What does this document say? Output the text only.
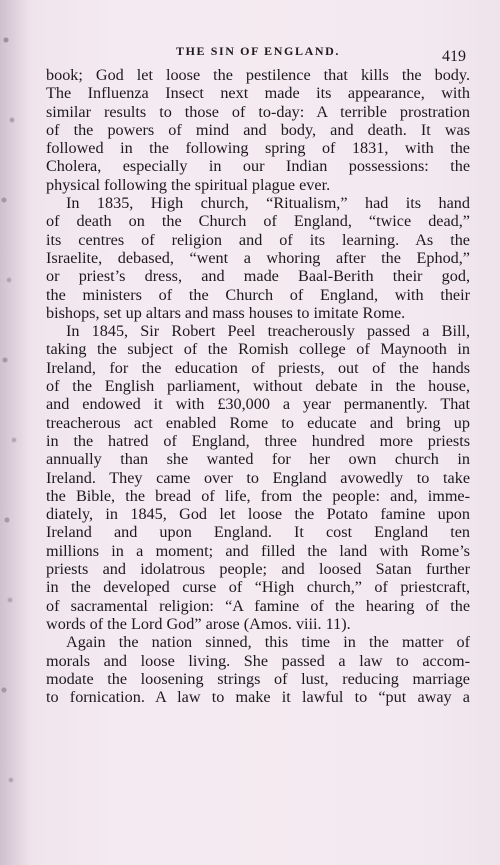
THE SIN OF ENGLAND.	419
book; God let loose the pestilence that kills the body.
The Influenza Insect next made its appearance, with
similar results to those of to-day: A terrible prostration
of the powers of mind and body, and death. It was
followed in the following spring of 1831, with the
Cholera, especially in our Indian possessions: the
physical following the spiritual plague ever.
In 1835, High church, “Ritualism,” had its hand
of death on the Church of England, “twice dead,”
its centres of religion and of its learning. As the
Israelite, debased, “went a whoring after the Ephod,”
or priest’s dress, and made Baal-Berith their god,
the ministers of the Church of England, with their
bishops, set up altars and mass houses to imitate Rome.
In 1845, Sir Robert Peel treacherously passed a Bill,
taking the subject of the Romish college of Maynooth in
Ireland, for the education of priests, out of the hands
of the English parliament, without debate in the house,
and endowed it with £30,000 a year permanently. That
treacherous act enabled Rome to educate and bring up
in the hatred of England, three hundred more priests
annually than she wanted for her own church in
Ireland. They came over to England avowedly to take
the Bible, the bread of life, from the people: and, imme-
diately, in 1845, God let loose the Potato famine upon
Ireland and upon England. It cost England ten
millions in a moment; and filled the land with Rome’s
priests and idolatrous people; and loosed Satan further
in the developed curse of “High church,” of priestcraft,
of sacramental religion: “A famine of the hearing of the
words of the Lord God” arose (Amos. viii. 11).
Again the nation sinned, this time in the matter of
morals and loose living. She passed a law to accom-
modate the loosening strings of lust, reducing marriage
to fornication. A law to make it lawful to “put away a
